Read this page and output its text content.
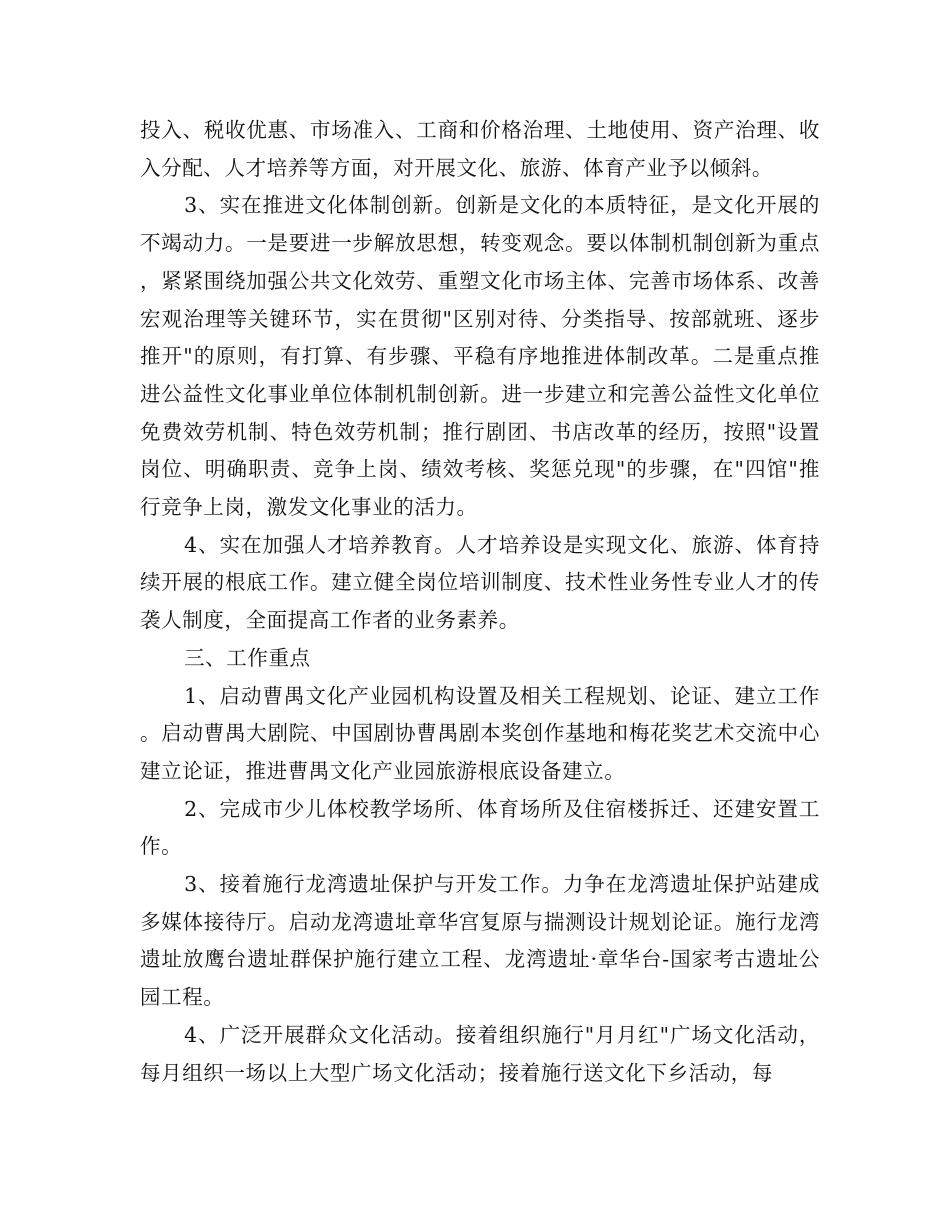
投入、税收优惠、市场准入、工商和价格治理、土地使用、资产治理、收入分配、人才培养等方面，对开展文化、旅游、体育产业予以倾斜。

3、实在推进文化体制创新。创新是文化的本质特征，是文化开展的不竭动力。一是要进一步解放思想，转变观念。要以体制机制创新为重点，紧紧围绕加强公共文化效劳、重塑文化市场主体、完善市场体系、改善宏观治理等关键环节，实在贯彻"区别对待、分类指导、按部就班、逐步推开"的原则，有打算、有步骤、平稳有序地推进体制改革。二是重点推进公益性文化事业单位体制机制创新。进一步建立和完善公益性文化单位免费效劳机制、特色效劳机制；推行剧团、书店改革的经历，按照"设置岗位、明确职责、竞争上岗、绩效考核、奖惩兑现"的步骤，在"四馆"推行竞争上岗，激发文化事业的活力。

4、实在加强人才培养教育。人才培养设是实现文化、旅游、体育持续开展的根底工作。建立健全岗位培训制度、技术性业务性专业人才的传袭人制度，全面提高工作者的业务素养。

三、工作重点

1、启动曹禺文化产业园机构设置及相关工程规划、论证、建立工作。启动曹禺大剧院、中国剧协曹禺剧本奖创作基地和梅花奖艺术交流中心建立论证，推进曹禺文化产业园旅游根底设备建立。

2、完成市少儿体校教学场所、体育场所及住宿楼拆迁、还建安置工作。

3、接着施行龙湾遗址保护与开发工作。力争在龙湾遗址保护站建成多媒体接待厅。启动龙湾遗址章华宫复原与揣测设计规划论证。施行龙湾遗址放鹰台遗址群保护施行建立工程、龙湾遗址·章华台-国家考古遗址公园工程。

4、广泛开展群众文化活动。接着组织施行"月月红"广场文化活动，每月组织一场以上大型广场文化活动；接着施行送文化下乡活动，每
